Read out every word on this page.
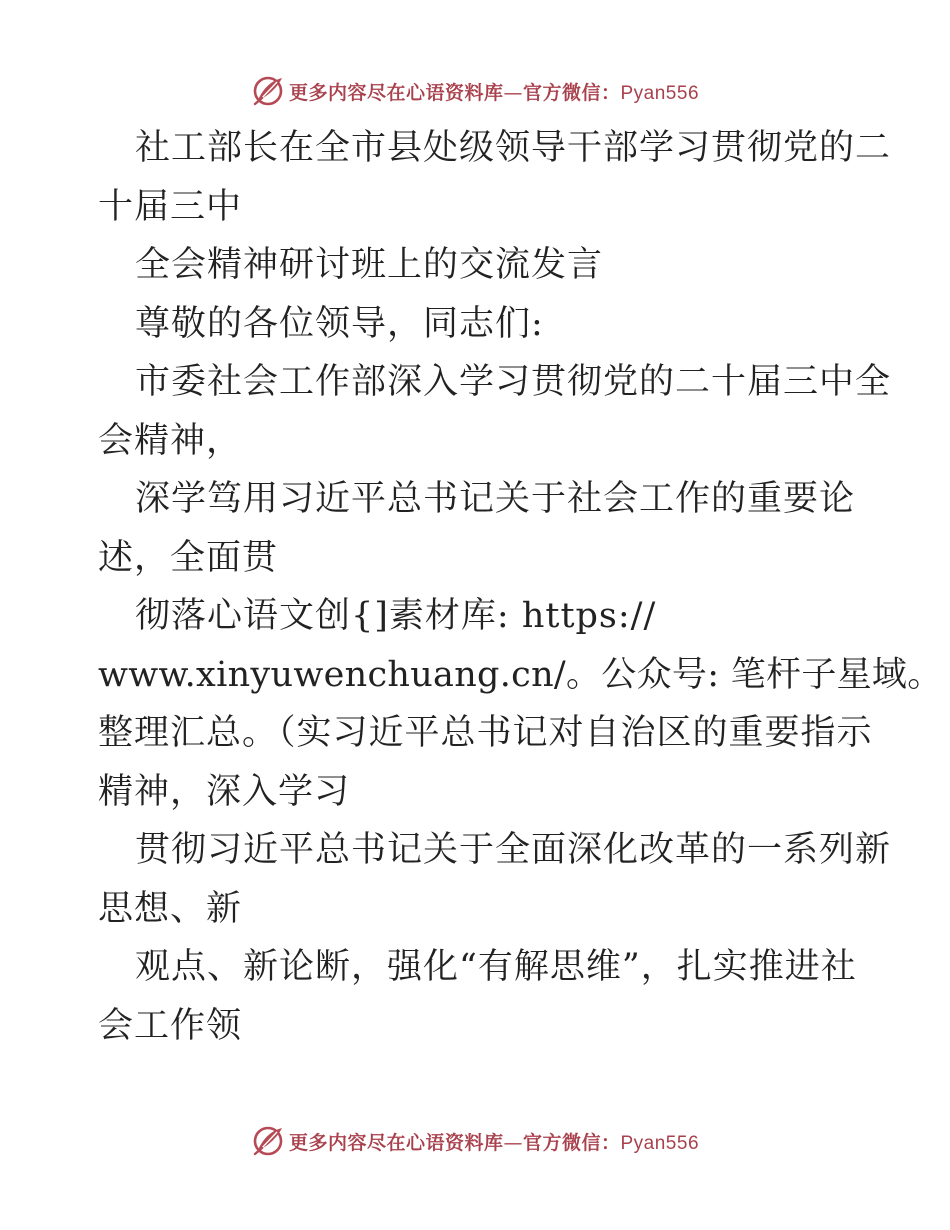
更多内容尽在心语资料库—官方微信：Pyan556
社工部长在全市县处级领导干部学习贯彻党的二
十届三中
全会精神研讨班上的交流发言
尊敬的各位领导，同志们:
市委社会工作部深入学习贯彻党的二十届三中全
会精神，
深学笃用习近平总书记关于社会工作的重要论
述，全面贯
彻落心语文创{]素材库: https://
www.xinyuwenchuang.cn/。公众号: 笔杆子星域。
整理汇总。（实习近平总书记对自治区的重要指示
精神，深入学习
贯彻习近平总书记关于全面深化改革的一系列新
思想、新
观点、新论断，强化“有解思维”，扎实推进社
会工作领
更多内容尽在心语资料库—官方微信：Pyan556
